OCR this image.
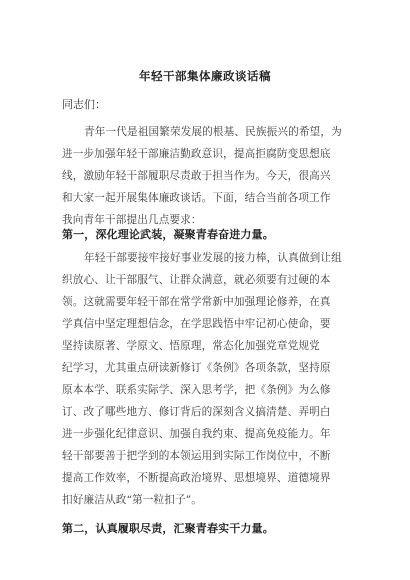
年轻干部集体廉政谈话稿
同志们：
青年一代是祖国繁荣发展的根基、民族振兴的希望，为
进一步加强年轻干部廉洁勤政意识，提高拒腐防变思想底
线，激励年轻干部履职尽责敢于担当作为。今天，很高兴
和大家一起开展集体廉政谈话。下面，结合当前各项工作
我向青年干部提出几点要求：
第一，深化理论武装，凝聚青春奋进力量。
年轻干部要接牢接好事业发展的接力棒，认真做到让组
织放心、让干部服气、让群众满意，就必须要有过硬的本
领。这就需要年轻干部在常学常新中加强理论修养，在真
学真信中坚定理想信念，在学思践悟中牢记初心使命，要
坚持读原著、学原文、悟原理，常态化加强党章党规党
纪学习，尤其重点研读新修订《条例》各项条款，坚持原
原本本学、联系实际学、深入思考学，把《条例》为么修
订、改了哪些地方、修订背后的深刻含义搞清楚、弄明白
进一步强化纪律意识、加强自我约束、提高免疫能力。年
轻干部要善于把学到的本领运用到实际工作岗位中，不断
提高工作效率，不断提高政治境界、思想境界、道德境界
扣好廉洁从政“第一粒扣子”。
第二，认真履职尽责，汇聚青春实干力量。
